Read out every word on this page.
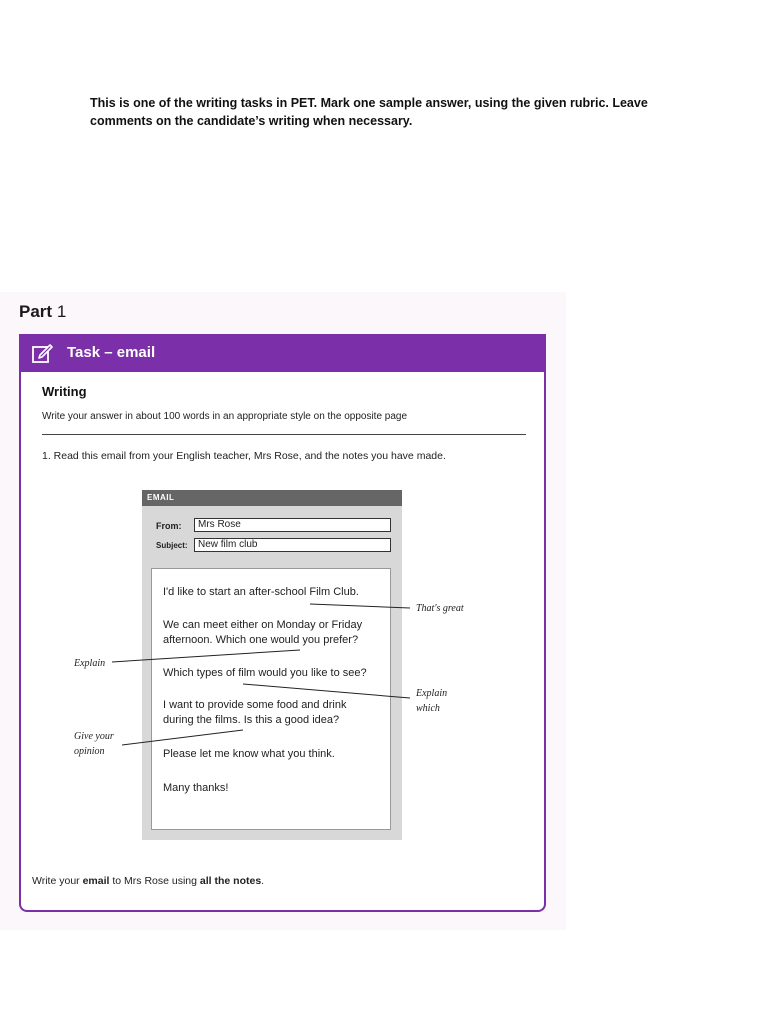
This is one of the writing tasks in PET. Mark one sample answer, using the given rubric. Leave
comments on the candidate’s writing when necessary.
Part 1
Task – email
Writing
Write your answer in about 100 words in an appropriate style on the opposite page
1. Read this email from your English teacher, Mrs Rose, and the notes you have made.
EMAIL
From:	Mrs Rose
Subject:	New film club
I'd like to start an after-school Film Club.
We can meet either on Monday or Friday
afternoon. Which one would you prefer?
Which types of film would you like to see?
I want to provide some food and drink
during the films. Is this a good idea?
Please let me know what you think.
Many thanks!
That's great
Explain
Explain
which
Give your
opinion
Write your email to Mrs Rose using all the notes.
